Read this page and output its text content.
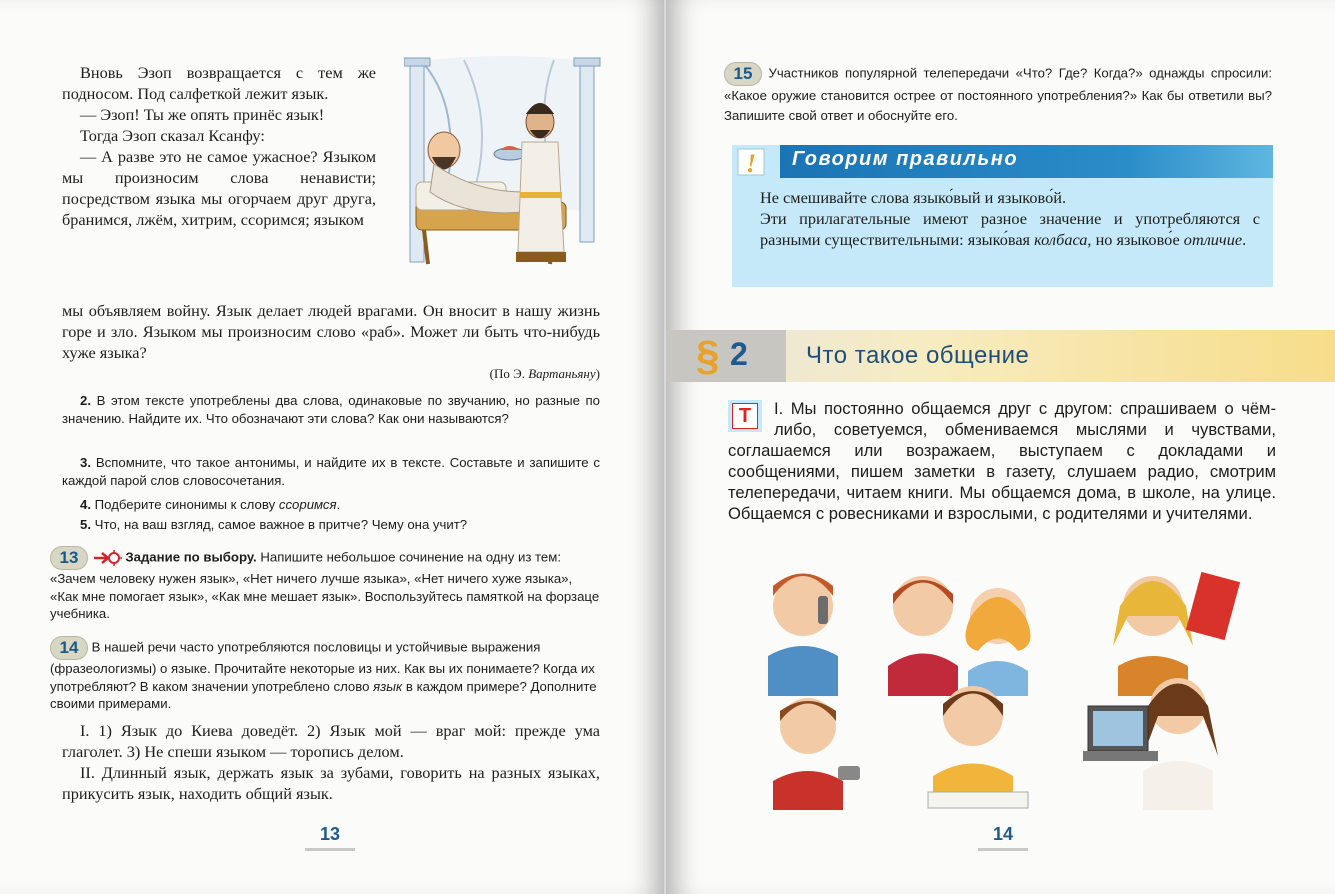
Вновь Эзоп возвращается с тем же подносом. Под салфеткой лежит язык.

— Эзоп! Ты же опять принёс язык!

Тогда Эзоп сказал Ксанфу:

— А разве это не самое ужасное? Языком мы произносим слова ненависти; посредством языка мы огорчаем друг друга, бранимся, лжём, хитрим, ссоримся; языком

мы объявляем войну. Язык делает людей врагами. Он вносит в нашу жизнь горе и зло. Языком мы произносим слово «раб». Может ли быть что-нибудь хуже языка?

(По Э. Вартаньяну)

2. В этом тексте употреблены два слова, одинаковые по звучанию, но разные по значению. Найдите их. Что обозначают эти слова? Как они называются?

3. Вспомните, что такое антонимы, и найдите их в тексте. Составьте и запишите с каждой парой слов словосочетания.

4. Подберите синонимы к слову ссоримся.

5. Что, на ваш взгляд, самое важное в притче? Чему она учит?

13	Задание по выбору. Напишите небольшое сочинение на одну из тем: «Зачем человеку нужен язык», «Нет ничего лучше языка», «Нет ничего хуже языка», «Как мне помогает язык», «Как мне мешает язык». Воспользуйтесь памяткой на форзаце учебника.
14 В нашей речи часто употребляются пословицы и устойчивые выражения (фразеологизмы) о языке. Прочитайте некоторые из них. Как вы их понимаете? Когда их употребляют? В каком значении употреблено слово язык в каждом примере? Дополните своими примерами.

I. 1) Язык до Киева доведёт. 2) Язык мой — враг мой: прежде ума глаголет. 3) Не спеши языком — торопись делом.

II. Длинный язык, держать язык за зубами, говорить на разных языках, прикусить язык, находить общий язык.

13

15 Участников популярной телепередачи «Что? Где? Когда?» однажды спросили: «Какое оружие становится острее от постоянного употребления?» Как бы ответили вы? Запишите свой ответ и обоснуйте его.

! Говорим правильно

Не смешивайте слова языко́вый и языково́й.

Эти прилагательные имеют разное значение и употребляются с разными существительными: языко́вая колбаса, но языково́е отличие.

§ 2 Что такое общение
Т	I. Мы постоянно общаемся друг с другом: спрашиваем о чём-либо, советуемся, обмениваемся мыслями и чувствами, соглашаемся или возражаем, выступаем с докладами и сообщениями, пишем заметки в газету, слушаем радио, смотрим телепередачи, читаем книги. Мы общаемся дома, в школе, на улице. Общаемся с ровесниками и взрослыми, с родителями и учителями.
14
